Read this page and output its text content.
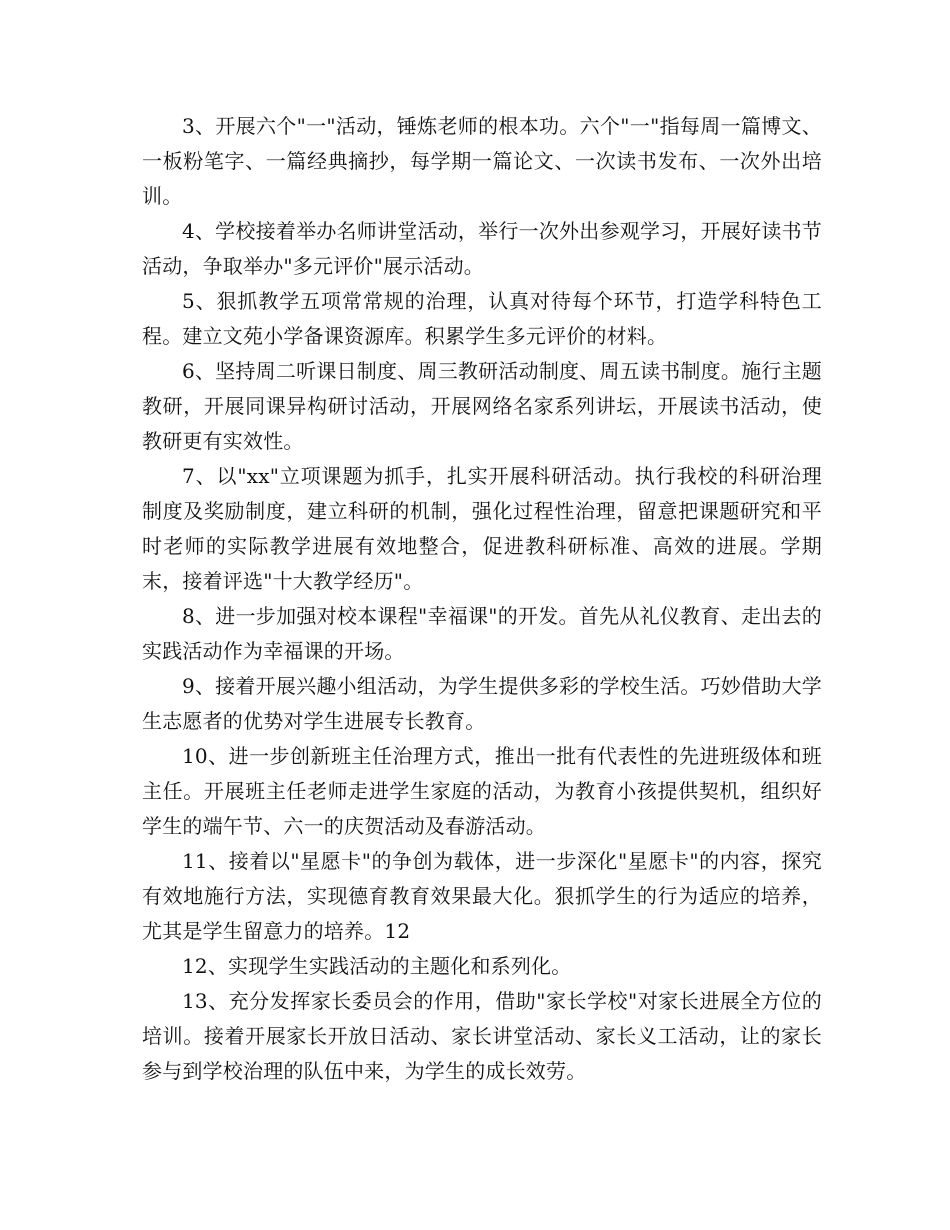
3、开展六个"一"活动，锤炼老师的根本功。六个"一"指每周一篇博文、一板粉笔字、一篇经典摘抄，每学期一篇论文、一次读书发布、一次外出培训。

4、学校接着举办名师讲堂活动，举行一次外出参观学习，开展好读书节活动，争取举办"多元评价"展示活动。

5、狠抓教学五项常常规的治理，认真对待每个环节，打造学科特色工程。建立文苑小学备课资源库。积累学生多元评价的材料。

6、坚持周二听课日制度、周三教研活动制度、周五读书制度。施行主题教研，开展同课异构研讨活动，开展网络名家系列讲坛，开展读书活动，使教研更有实效性。

7、以"xx"立项课题为抓手，扎实开展科研活动。执行我校的科研治理制度及奖励制度，建立科研的机制，强化过程性治理，留意把课题研究和平时老师的实际教学进展有效地整合，促进教科研标准、高效的进展。学期末，接着评选"十大教学经历"。

8、进一步加强对校本课程"幸福课"的开发。首先从礼仪教育、走出去的实践活动作为幸福课的开场。

9、接着开展兴趣小组活动，为学生提供多彩的学校生活。巧妙借助大学生志愿者的优势对学生进展专长教育。

10、进一步创新班主任治理方式，推出一批有代表性的先进班级体和班主任。开展班主任老师走进学生家庭的活动，为教育小孩提供契机，组织好学生的端午节、六一的庆贺活动及春游活动。

11、接着以"星愿卡"的争创为载体，进一步深化"星愿卡"的内容，探究有效地施行方法，实现德育教育效果最大化。狠抓学生的行为适应的培养，尤其是学生留意力的培养。12

12、实现学生实践活动的主题化和系列化。

13、充分发挥家长委员会的作用，借助"家长学校"对家长进展全方位的培训。接着开展家长开放日活动、家长讲堂活动、家长义工活动，让的家长参与到学校治理的队伍中来，为学生的成长效劳。
